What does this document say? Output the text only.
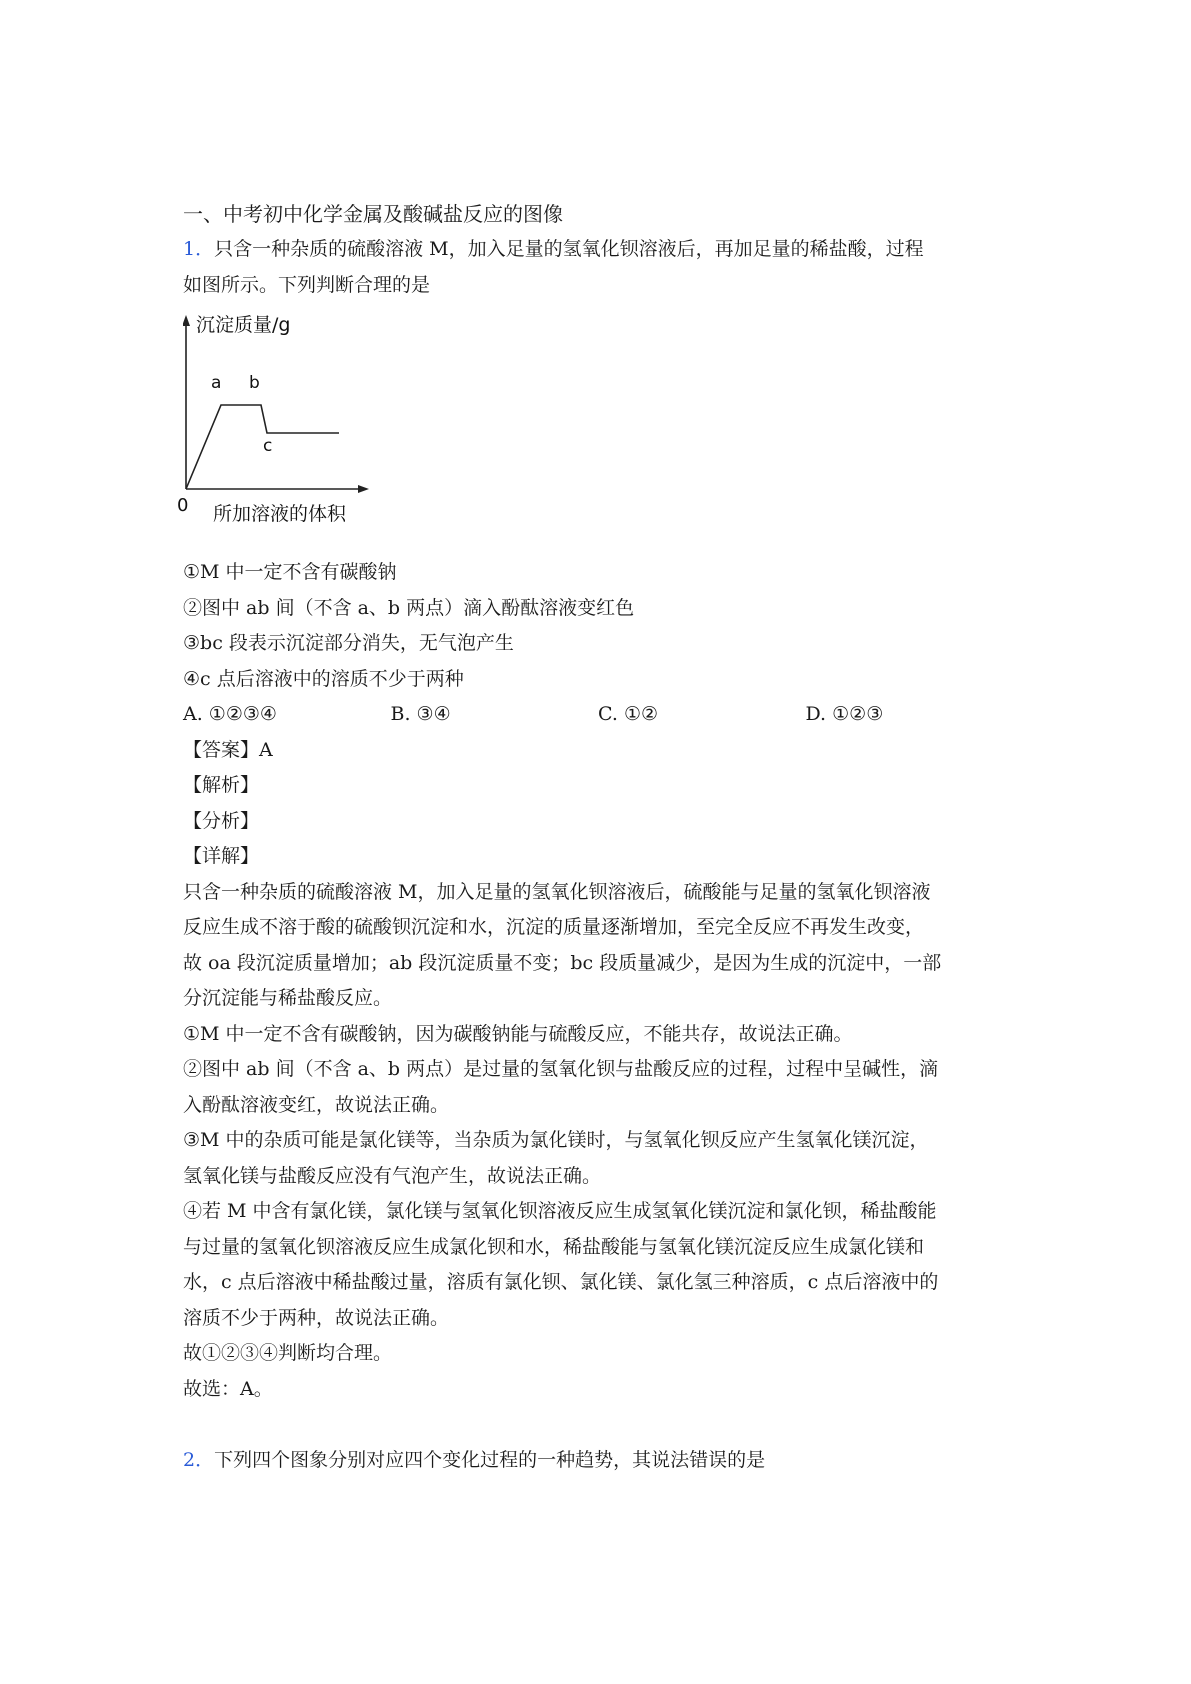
一、中考初中化学金属及酸碱盐反应的图像
1．只含一种杂质的硫酸溶液 M，加入足量的氢氧化钡溶液后，再加足量的稀盐酸，过程
如图所示。下列判断合理的是
沉淀质量/g
a b
c
0 所加溶液的体积
①M 中一定不含有碳酸钠
②图中 ab 间（不含 a、b 两点）滴入酚酞溶液变红色
③bc 段表示沉淀部分消失，无气泡产生
④c 点后溶液中的溶质不少于两种
A. ①②③④	B. ③④	C. ①②	D. ①②③
【答案】A
【解析】
【分析】
【详解】
只含一种杂质的硫酸溶液 M，加入足量的氢氧化钡溶液后，硫酸能与足量的氢氧化钡溶液
反应生成不溶于酸的硫酸钡沉淀和水，沉淀的质量逐渐增加，至完全反应不再发生改变，
故 oa 段沉淀质量增加；ab 段沉淀质量不变；bc 段质量减少，是因为生成的沉淀中，一部
分沉淀能与稀盐酸反应。
①M 中一定不含有碳酸钠，因为碳酸钠能与硫酸反应，不能共存，故说法正确。
②图中 ab 间（不含 a、b 两点）是过量的氢氧化钡与盐酸反应的过程，过程中呈碱性，滴
入酚酞溶液变红，故说法正确。
③M 中的杂质可能是氯化镁等，当杂质为氯化镁时，与氢氧化钡反应产生氢氧化镁沉淀，
氢氧化镁与盐酸反应没有气泡产生，故说法正确。
④若 M 中含有氯化镁，氯化镁与氢氧化钡溶液反应生成氢氧化镁沉淀和氯化钡，稀盐酸能
与过量的氢氧化钡溶液反应生成氯化钡和水，稀盐酸能与氢氧化镁沉淀反应生成氯化镁和
水，c 点后溶液中稀盐酸过量，溶质有氯化钡、氯化镁、氯化氢三种溶质，c 点后溶液中的
溶质不少于两种，故说法正确。
故①②③④判断均合理。
故选：A。
2．下列四个图象分别对应四个变化过程的一种趋势，其说法错误的是
